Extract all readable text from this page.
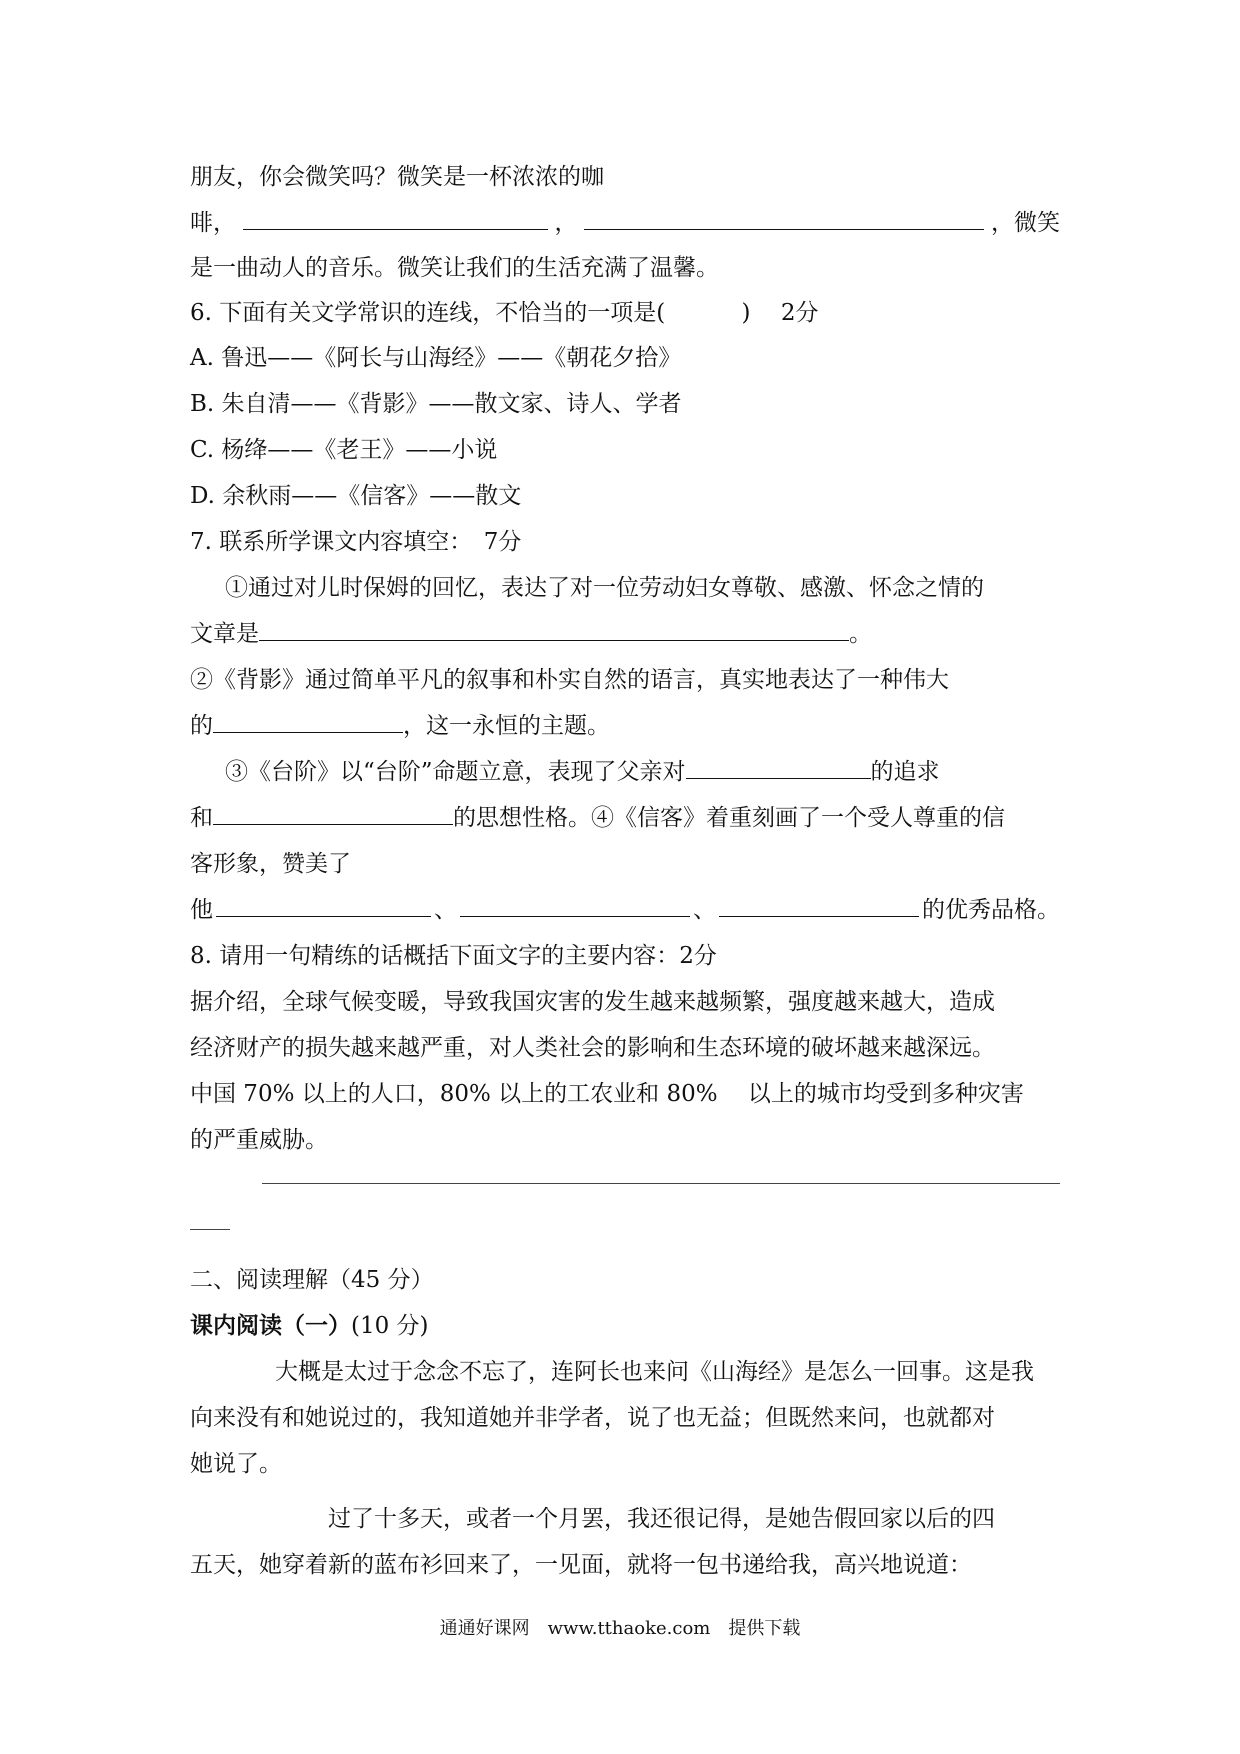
朋友，你会微笑吗？微笑是一杯浓浓的咖

啡，	，	，微笑

是一曲动人的音乐。微笑让我们的生活充满了温馨。

6. 下面有关文学常识的连线，不恰当的一项是(　　　 )　 2分

A. 鲁迅——《阿长与山海经》——《朝花夕拾》

B. 朱自清——《背影》——散文家、诗人、学者

C. 杨绛——《老王》——小说

D. 余秋雨——《信客》——散文

7. 联系所学课文内容填空：　7分

①通过对儿时保姆的回忆，表达了对一位劳动妇女尊敬、感激、怀念之情的

文章是	。

②《背影》通过简单平凡的叙事和朴实自然的语言，真实地表达了一种伟大

的	，这一永恒的主题。
③《台阶》以“台阶”命题立意，表现了父亲对	的追求
和	的思想性格。④《信客》着重刻画了一个受人尊重的信

客形象，赞美了

他	、	、	的优秀品格。

8. 请用一句精练的话概括下面文字的主要内容：2分

据介绍，全球气候变暖，导致我国灾害的发生越来越频繁，强度越来越大，造成

经济财产的损失越来越严重，对人类社会的影响和生态环境的破坏越来越深远。

中国 70% 以上的人口，80% 以上的工农业和 80%　 以上的城市均受到多种灾害

的严重威胁。

二、阅读理解（45 分）

课内阅读（一）(10 分)

大概是太过于念念不忘了，连阿长也来问《山海经》是怎么一回事。这是我

向来没有和她说过的，我知道她并非学者，说了也无益；但既然来问，也就都对

她说了。

过了十多天，或者一个月罢，我还很记得，是她告假回家以后的四

五天，她穿着新的蓝布衫回来了，一见面，就将一包书递给我，高兴地说道：

通通好课网　www.tthaoke.com　提供下载
